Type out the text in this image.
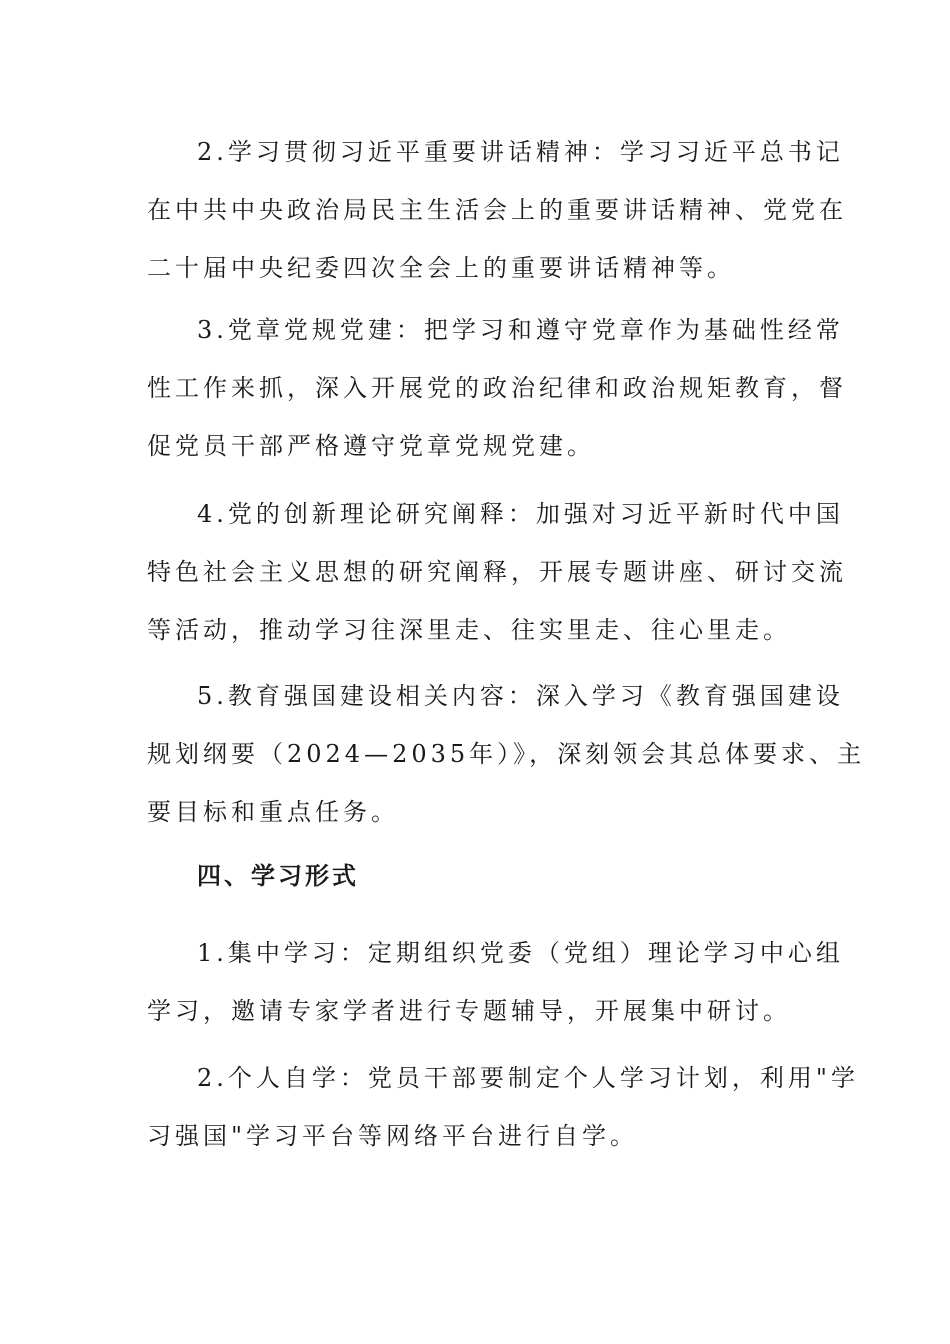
2.学习贯彻习近平重要讲话精神：学习习近平总书记
在中共中央政治局民主生活会上的重要讲话精神、党党在
二十届中央纪委四次全会上的重要讲话精神等。
3.党章党规党建：把学习和遵守党章作为基础性经常
性工作来抓，深入开展党的政治纪律和政治规矩教育，督
促党员干部严格遵守党章党规党建。
4.党的创新理论研究阐释：加强对习近平新时代中国
特色社会主义思想的研究阐释，开展专题讲座、研讨交流
等活动，推动学习往深里走、往实里走、往心里走。
5.教育强国建设相关内容：深入学习《教育强国建设
规划纲要（2024—2035年）》，深刻领会其总体要求、主
要目标和重点任务。
四、学习形式
1.集中学习：定期组织党委（党组）理论学习中心组
学习，邀请专家学者进行专题辅导，开展集中研讨。
2.个人自学：党员干部要制定个人学习计划，利用"学
习强国"学习平台等网络平台进行自学。
